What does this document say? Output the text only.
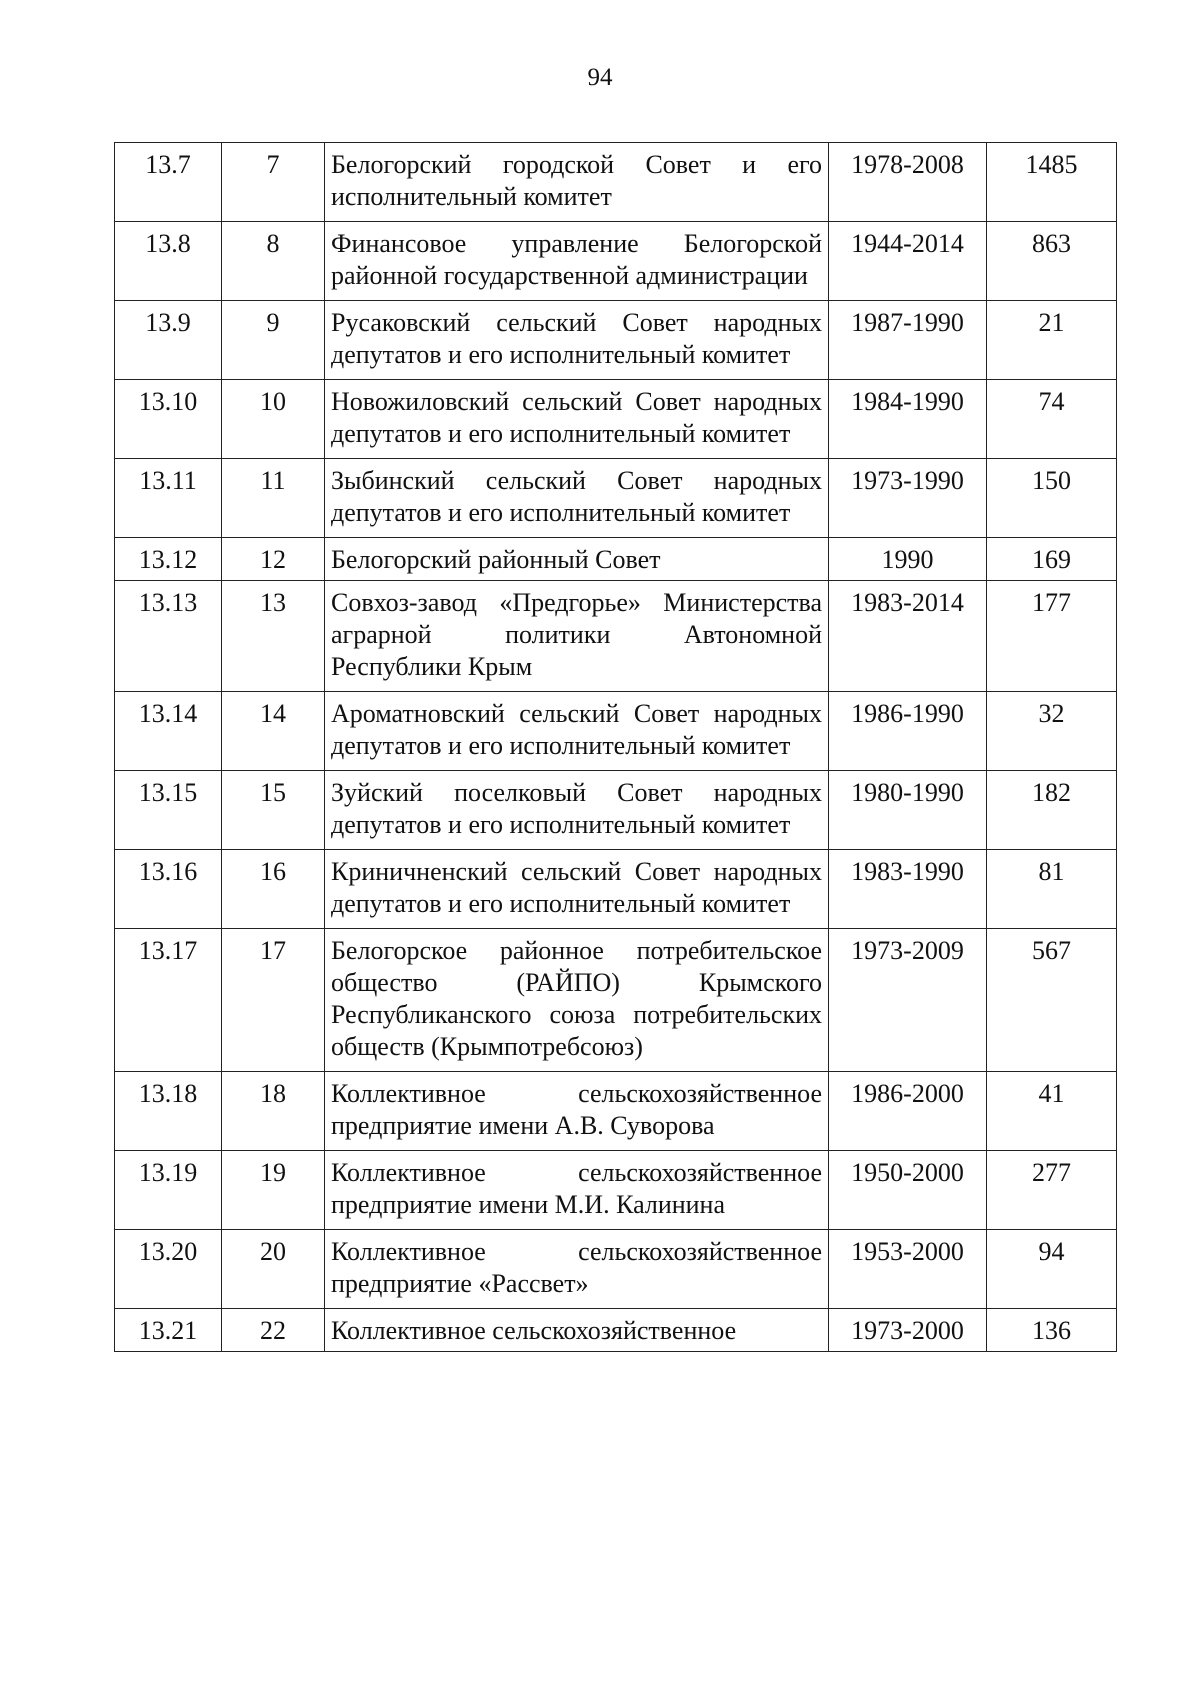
94
13.7	7	Белогорский городской Совет и его исполнительный комитет	1978-2008	1485
13.8	8	Финансовое управление Белогорской районной государственной администрации	1944-2014	863
13.9	9	Русаковский сельский Совет народных депутатов и его исполнительный комитет	1987-1990	21
13.10	10	Новожиловский сельский Совет народных депутатов и его исполнительный комитет	1984-1990	74
13.11	11	Зыбинский сельский Совет народных депутатов и его исполнительный комитет	1973-1990	150
13.12	12	Белогорский районный Совет	1990	169
13.13	13	Совхоз-завод «Предгорье» Министерства аграрной политики Автономной Республики Крым	1983-2014	177
13.14	14	Ароматновский сельский Совет народных депутатов и его исполнительный комитет	1986-1990	32
13.15	15	Зуйский поселковый Совет народных депутатов и его исполнительный комитет	1980-1990	182
13.16	16	Криничненский сельский Совет народных депутатов и его исполнительный комитет	1983-1990	81
13.17	17	Белогорское районное потребительское общество (РАЙПО) Крымского Республиканского союза потребительских обществ (Крымпотребсоюз)	1973-2009	567
13.18	18	Коллективное сельскохозяйственное предприятие имени А.В. Суворова	1986-2000	41
13.19	19	Коллективное сельскохозяйственное предприятие имени М.И. Калинина	1950-2000	277
13.20	20	Коллективное сельскохозяйственное предприятие «Рассвет»	1953-2000	94
13.21	22	Коллективное сельскохозяйственное	1973-2000	136
